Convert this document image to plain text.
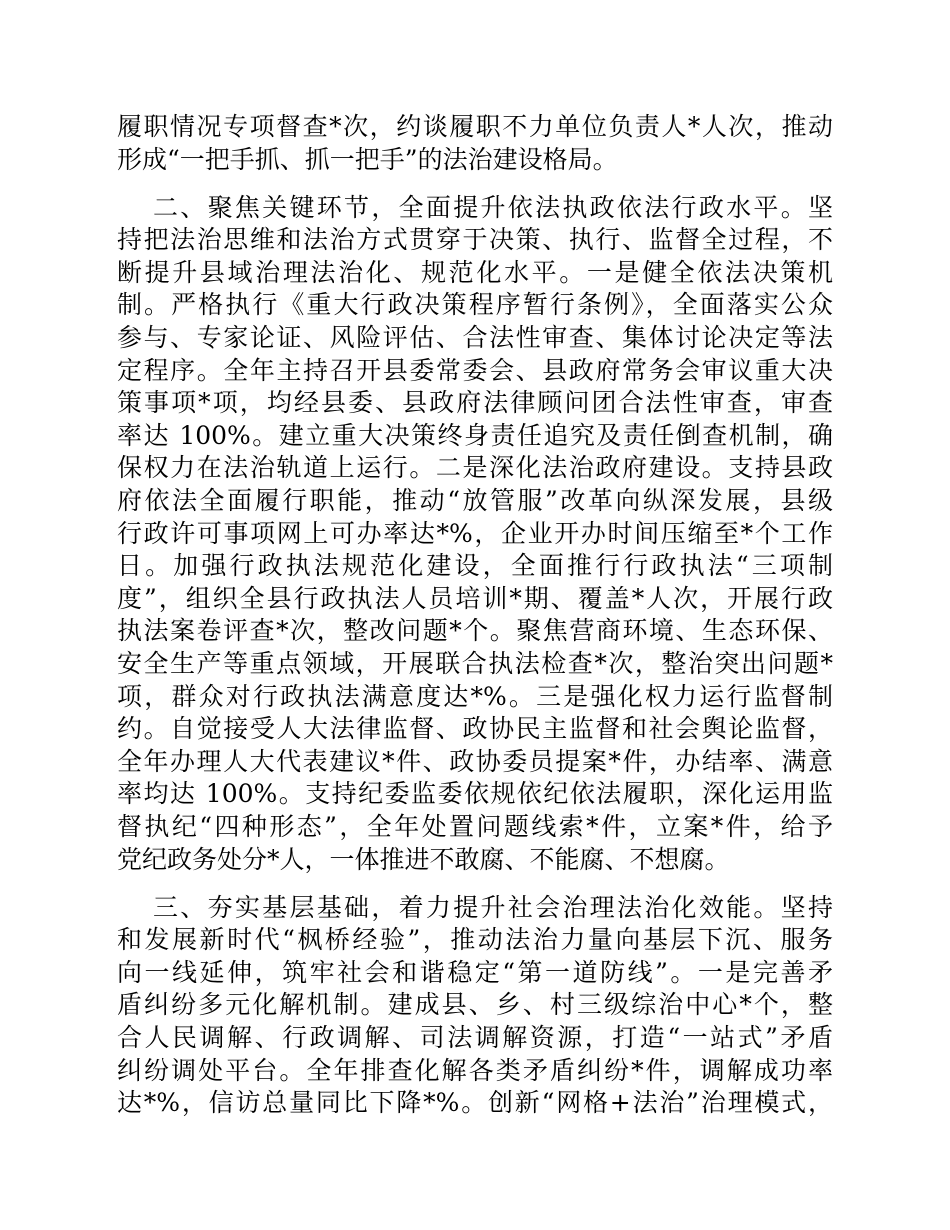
履职情况专项督查*次，约谈履职不力单位负责人*人次，推动
形成“一把手抓、抓一把手”的法治建设格局。
二、聚焦关键环节，全面提升依法执政依法行政水平。坚
持把法治思维和法治方式贯穿于决策、执行、监督全过程，不
断提升县域治理法治化、规范化水平。一是健全依法决策机
制。严格执行《重大行政决策程序暂行条例》，全面落实公众
参与、专家论证、风险评估、合法性审查、集体讨论决定等法
定程序。全年主持召开县委常委会、县政府常务会审议重大决
策事项*项，均经县委、县政府法律顾问团合法性审查，审查
率达 100%。建立重大决策终身责任追究及责任倒查机制，确
保权力在法治轨道上运行。二是深化法治政府建设。支持县政
府依法全面履行职能，推动“放管服”改革向纵深发展，县级
行政许可事项网上可办率达*%，企业开办时间压缩至*个工作
日。加强行政执法规范化建设，全面推行行政执法“三项制
度”，组织全县行政执法人员培训*期、覆盖*人次，开展行政
执法案卷评查*次，整改问题*个。聚焦营商环境、生态环保、
安全生产等重点领域，开展联合执法检查*次，整治突出问题*
项，群众对行政执法满意度达*%。三是强化权力运行监督制
约。自觉接受人大法律监督、政协民主监督和社会舆论监督，
全年办理人大代表建议*件、政协委员提案*件，办结率、满意
率均达 100%。支持纪委监委依规依纪依法履职，深化运用监
督执纪“四种形态”，全年处置问题线索*件，立案*件，给予
党纪政务处分*人，一体推进不敢腐、不能腐、不想腐。
三、夯实基层基础，着力提升社会治理法治化效能。坚持
和发展新时代“枫桥经验”，推动法治力量向基层下沉、服务
向一线延伸，筑牢社会和谐稳定“第一道防线”。一是完善矛
盾纠纷多元化解机制。建成县、乡、村三级综治中心*个，整
合人民调解、行政调解、司法调解资源，打造“一站式”矛盾
纠纷调处平台。全年排查化解各类矛盾纠纷*件，调解成功率
达*%，信访总量同比下降*%。创新“网格+法治”治理模式，
